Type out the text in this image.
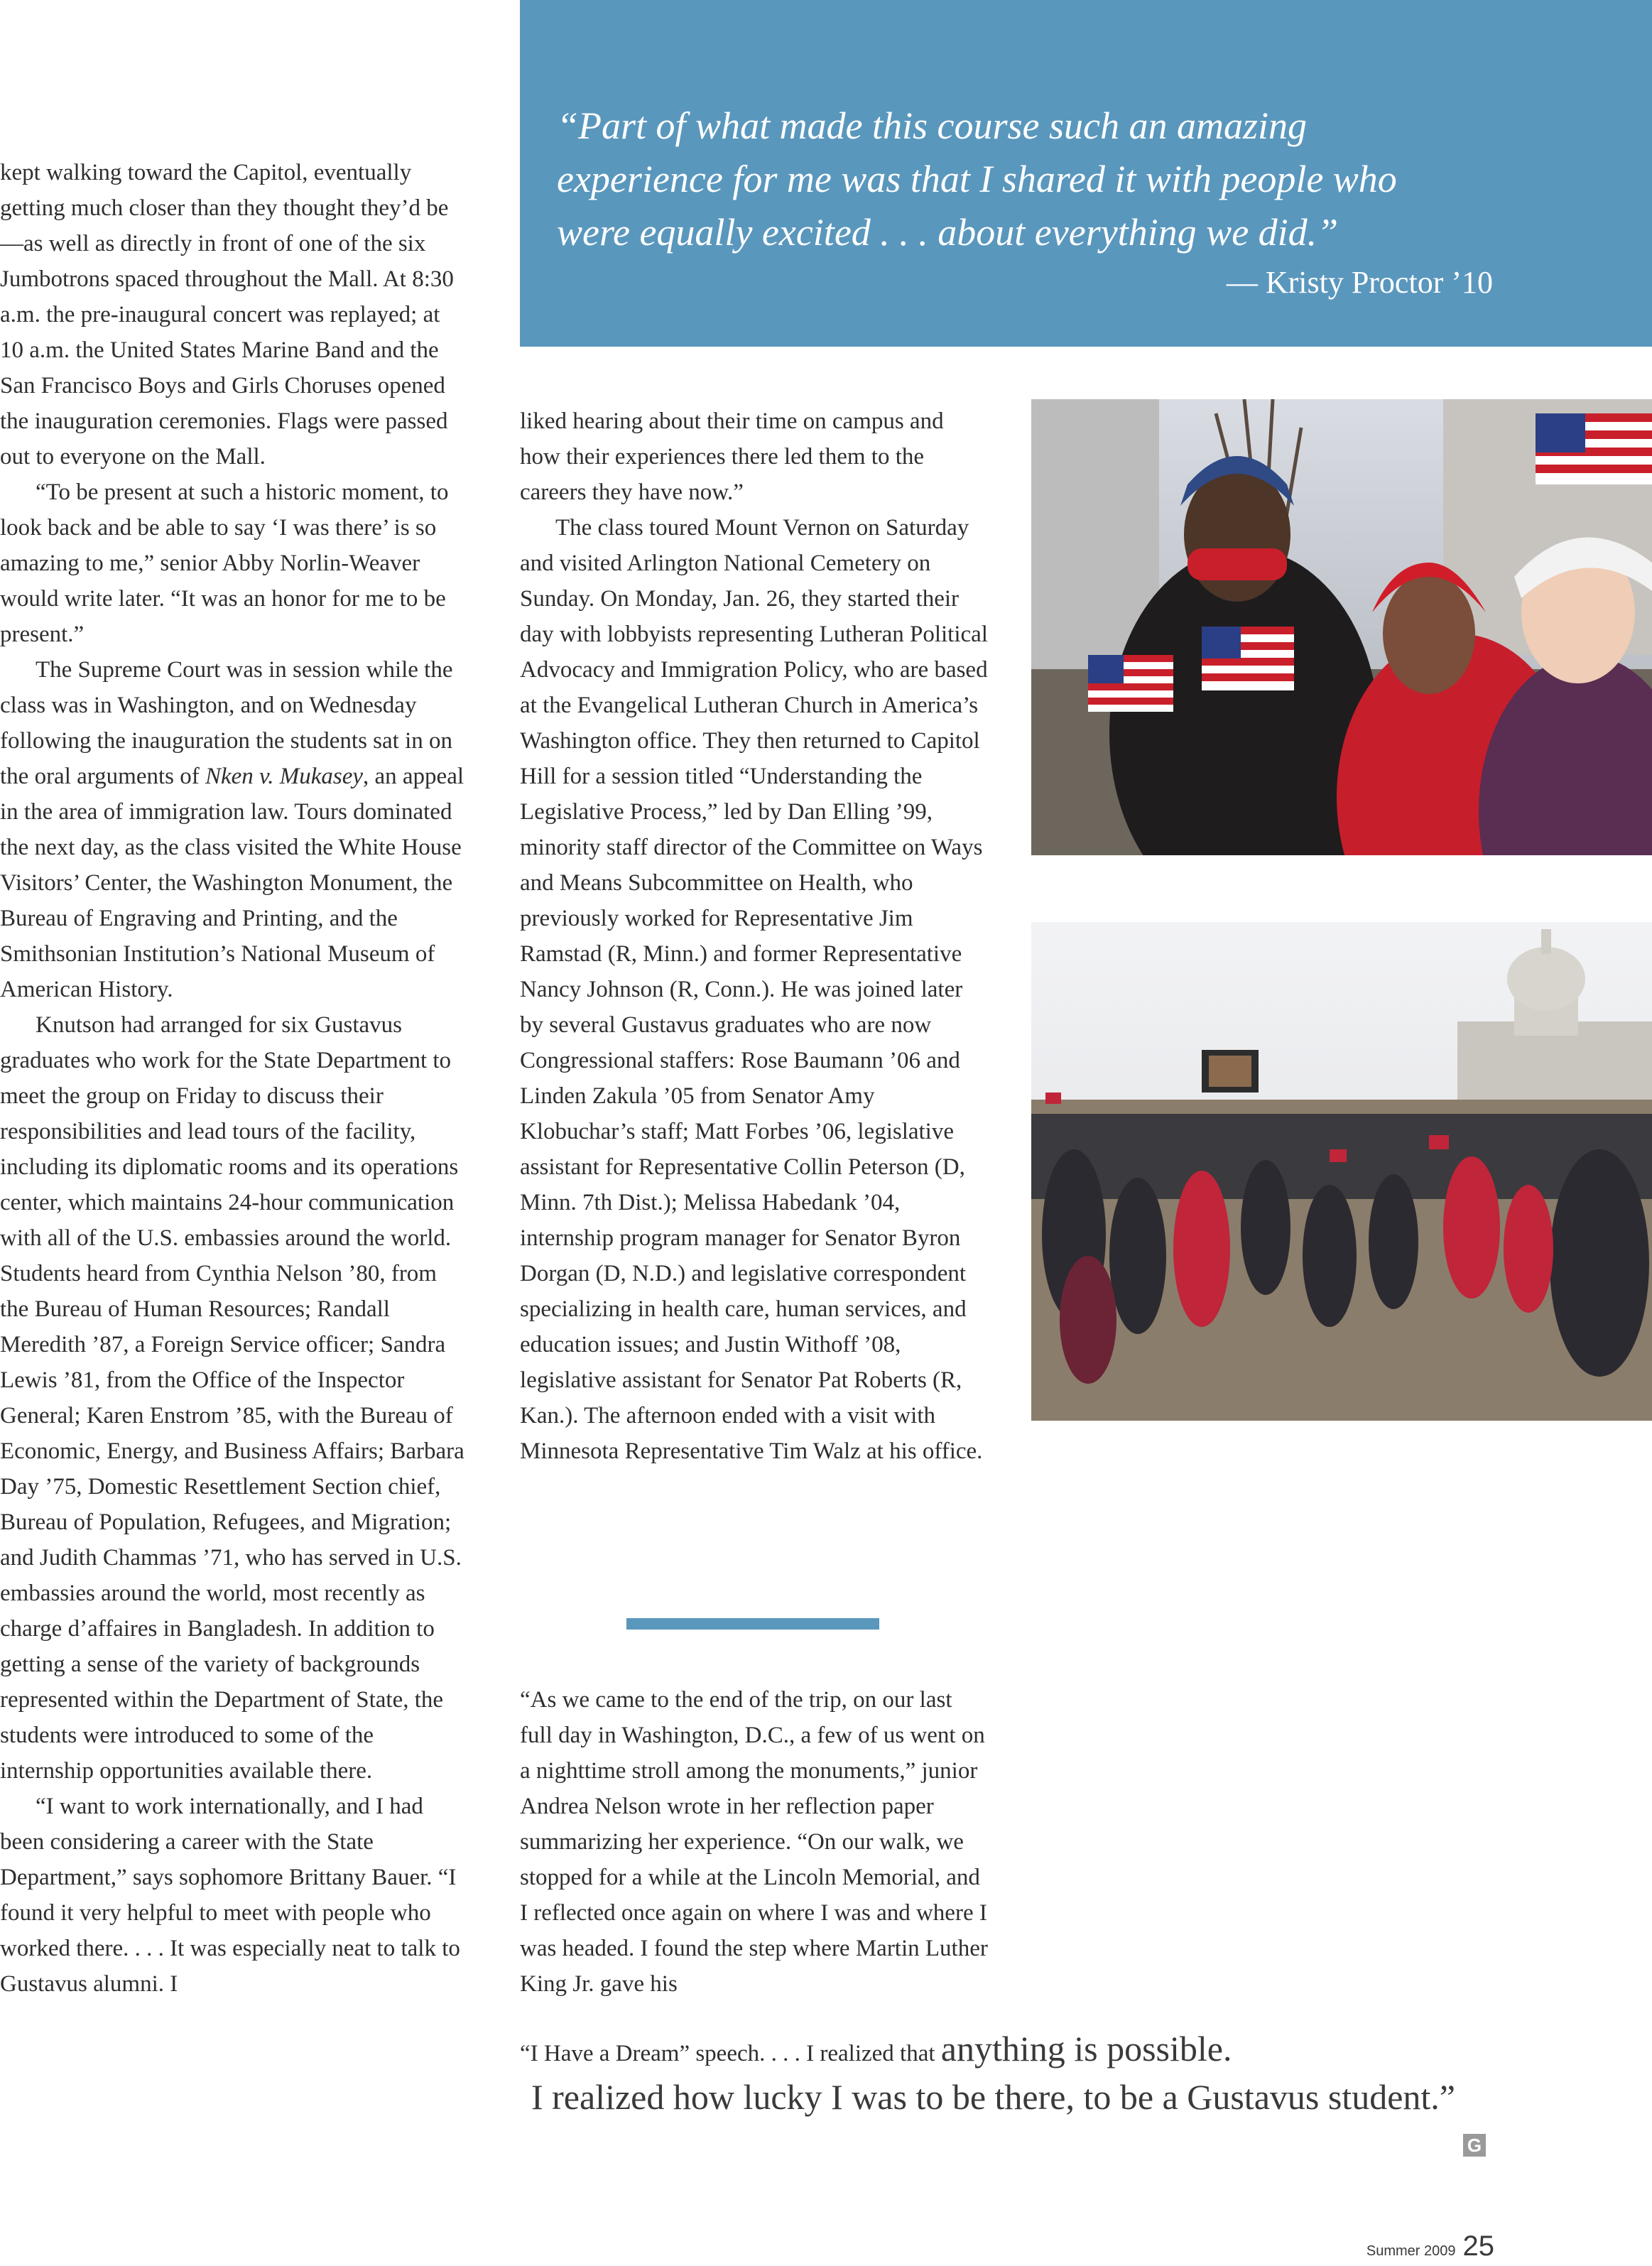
“Part of what made this course such an amazing
experience for me was that I shared it with people who
were equally excited . . . about everything we did.”
— Kristy Proctor ’10

kept walking toward the Capitol, eventually getting much closer than they thought they’d be—as well as directly in front of one of the six Jumbotrons spaced throughout the Mall. At 8:30 a.m. the pre-inaugural concert was replayed; at 10 a.m. the United States Marine Band and the San Francisco Boys and Girls Choruses opened the inauguration ceremonies. Flags were passed out to everyone on the Mall.

“To be present at such a historic moment, to look back and be able to say ‘I was there’ is so amazing to me,” senior Abby Norlin-Weaver would write later. “It was an honor for me to be present.”

The Supreme Court was in session while the class was in Washington, and on Wednesday following the inauguration the students sat in on the oral arguments of Nken v. Mukasey, an appeal in the area of immigration law. Tours dominated the next day, as the class visited the White House Visitors’ Center, the Washington Monument, the Bureau of Engraving and Printing, and the Smithsonian Institution’s National Museum of American History.

Knutson had arranged for six Gustavus graduates who work for the State Department to meet the group on Friday to discuss their responsibilities and lead tours of the facility, including its diplomatic rooms and its operations center, which maintains 24-hour communication with all of the U.S. embassies around the world. Students heard from Cynthia Nelson ’80, from the Bureau of Human Resources; Randall Meredith ’87, a Foreign Service officer; Sandra Lewis ’81, from the Office of the Inspector General; Karen Enstrom ’85, with the Bureau of Economic, Energy, and Business Affairs; Barbara Day ’75, Domestic Resettlement Section chief, Bureau of Population, Refugees, and Migration; and Judith Chammas ’71, who has served in U.S. embassies around the world, most recently as charge d’affaires in Bangladesh. In addition to getting a sense of the variety of backgrounds represented within the Department of State, the students were introduced to some of the internship opportunities available there.

“I want to work internationally, and I had been considering a career with the State Department,” says sophomore Brittany Bauer. “I found it very helpful to meet with people who worked there. . . . It was especially neat to talk to Gustavus alumni. I

liked hearing about their time on campus and how their experiences there led them to the careers they have now.”

The class toured Mount Vernon on Saturday and visited Arlington National Cemetery on Sunday. On Monday, Jan. 26, they started their day with lobbyists representing Lutheran Political Advocacy and Immigration Policy, who are based at the Evangelical Lutheran Church in America’s Washington office. They then returned to Capitol Hill for a session titled “Understanding the Legislative Process,” led by Dan Elling ’99, minority staff director of the Committee on Ways and Means Subcommittee on Health, who previously worked for Representative Jim Ramstad (R, Minn.) and former Representative Nancy Johnson (R, Conn.). He was joined later by several Gustavus graduates who are now Congressional staffers: Rose Baumann ’06 and Linden Zakula ’05 from Senator Amy Klobuchar’s staff; Matt Forbes ’06, legislative assistant for Representative Collin Peterson (D, Minn. 7th Dist.); Melissa Habedank ’04, internship program manager for Senator Byron Dorgan (D, N.D.) and legislative correspondent specializing in health care, human services, and education issues; and Justin Withoff ’08, legislative assistant for Senator Pat Roberts (R, Kan.). The afternoon ended with a visit with Minnesota Representative Tim Walz at his office.

“As we came to the end of the trip, on our last full day in Washington, D.C., a few of us went on a nighttime stroll among the monuments,” junior Andrea Nelson wrote in her reflection paper summarizing her experience. “On our walk, we stopped for a while at the Lincoln Memorial, and I reflected once again on where I was and where I was headed. I found the step where Martin Luther King Jr. gave his

“I Have a Dream” speech. . . . I realized that anything is possible.
I realized how lucky I was to be there, to be a Gustavus student.”
G
Summer 2009 25
